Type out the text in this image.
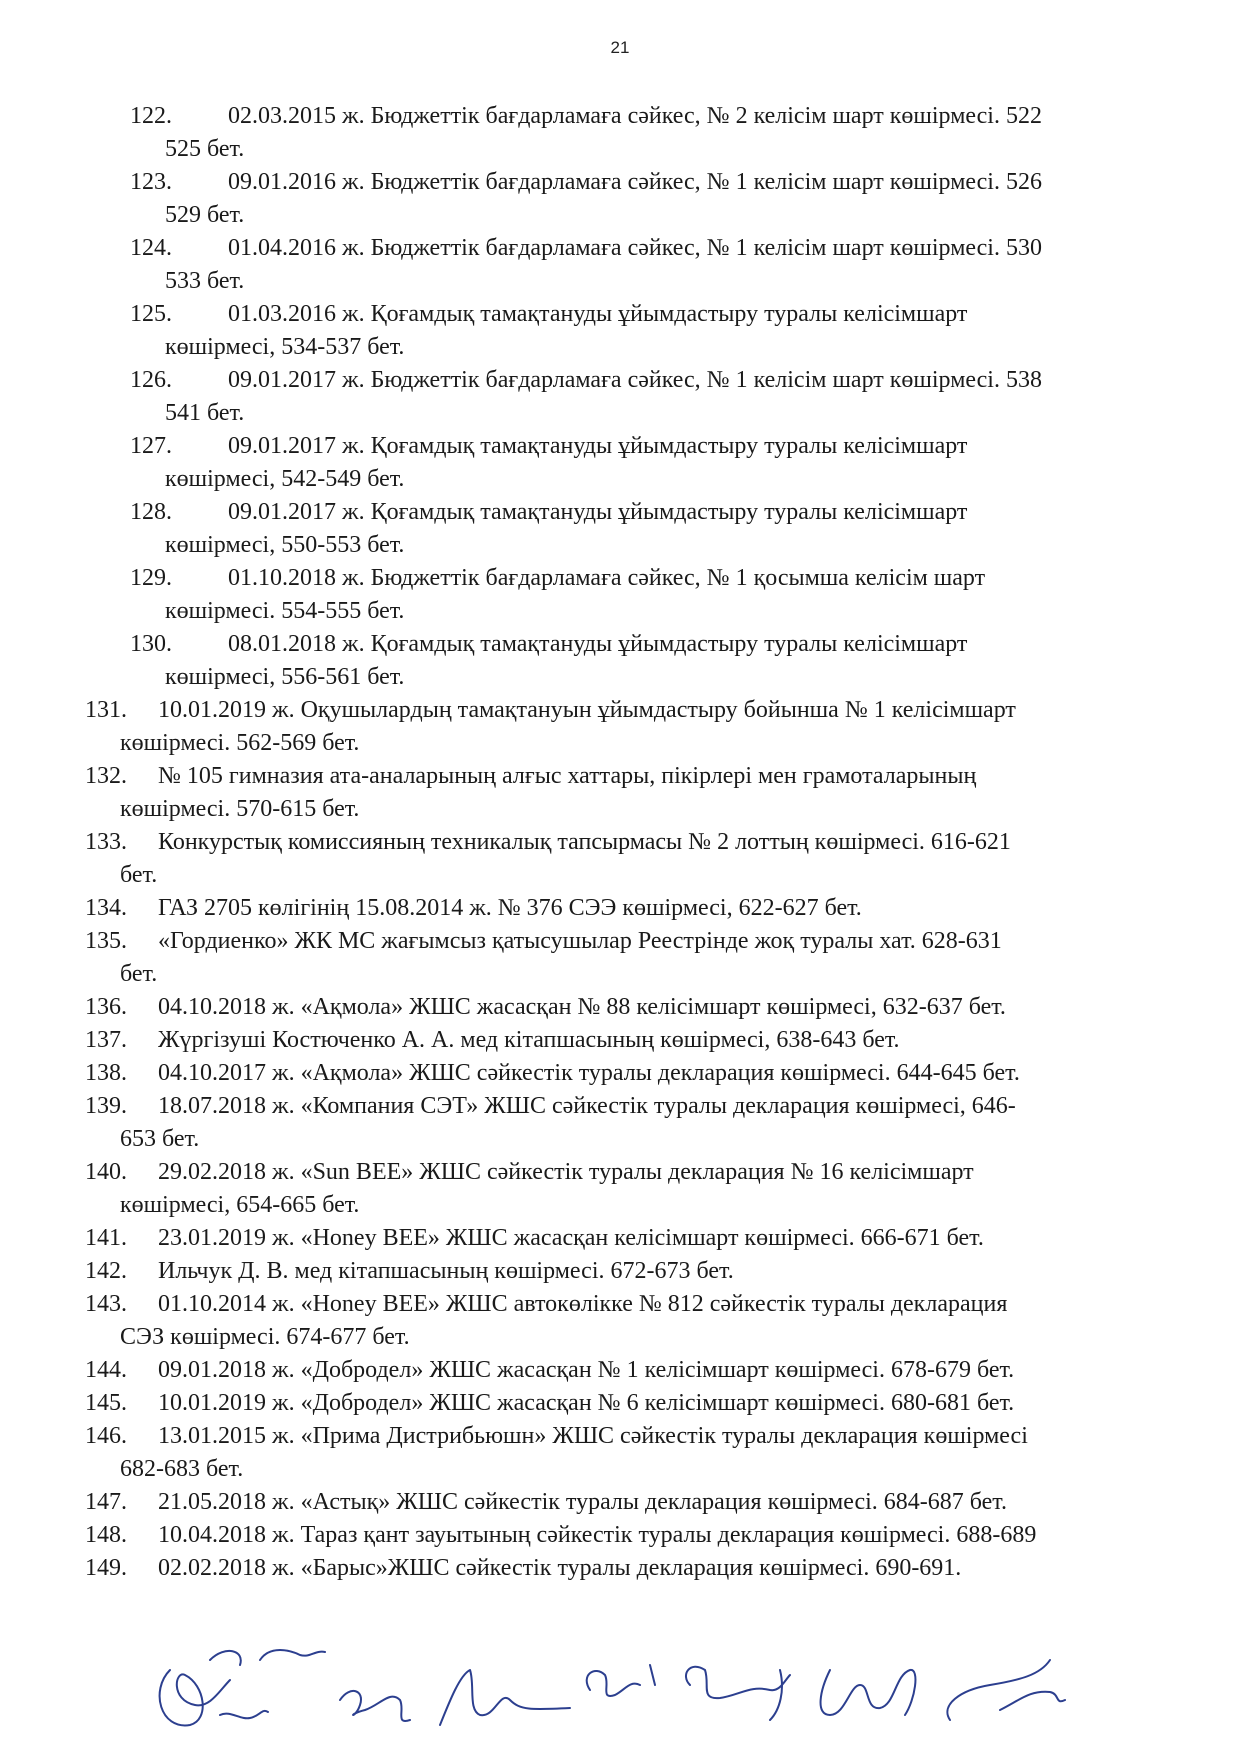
21
122. 02.03.2015 ж. Бюджеттік бағдарламаға сәйкес, № 2 келісім шарт көшірмесі. 522
525 бет.
123. 09.01.2016 ж. Бюджеттік бағдарламаға сәйкес, № 1 келісім шарт көшірмесі. 526
529 бет.
124. 01.04.2016 ж. Бюджеттік бағдарламаға сәйкес, № 1 келісім шарт көшірмесі. 530
533 бет.
125. 01.03.2016 ж. Қоғамдық тамақтануды ұйымдастыру туралы келісімшарт
көшірмесі, 534-537 бет.
126. 09.01.2017 ж. Бюджеттік бағдарламаға сәйкес, № 1 келісім шарт көшірмесі. 538
541 бет.
127. 09.01.2017 ж. Қоғамдық тамақтануды ұйымдастыру туралы келісімшарт
көшірмесі, 542-549 бет.
128. 09.01.2017 ж. Қоғамдық тамақтануды ұйымдастыру туралы келісімшарт
көшірмесі, 550-553 бет.
129. 01.10.2018 ж. Бюджеттік бағдарламаға сәйкес, № 1 қосымша келісім шарт
көшірмесі. 554-555 бет.
130. 08.01.2018 ж. Қоғамдық тамақтануды ұйымдастыру туралы келісімшарт
көшірмесі, 556-561 бет.
131. 10.01.2019 ж. Оқушылардың тамақтануын ұйымдастыру бойынша № 1 келісімшарт
көшірмесі. 562-569 бет.
132. № 105 гимназия ата-аналарының алғыс хаттары, пікірлері мен грамоталарының
көшірмесі. 570-615 бет.
133. Конкурстық комиссияның техникалық тапсырмасы № 2 лоттың көшірмесі. 616-621
бет.
134. ГАЗ 2705 көлігінің 15.08.2014 ж. № 376 СЭЭ көшірмесі, 622-627 бет.
135. «Гордиенко» ЖК МС жағымсыз қатысушылар Реестрінде жоқ туралы хат. 628-631
бет.
136. 04.10.2018 ж. «Ақмола» ЖШС жасасқан № 88 келісімшарт көшірмесі, 632-637 бет.
137. Жүргізуші Костюченко А. А. мед кітапшасының көшірмесі, 638-643 бет.
138. 04.10.2017 ж. «Ақмола» ЖШС сәйкестік туралы декларация көшірмесі. 644-645 бет.
139. 18.07.2018 ж. «Компания СЭТ» ЖШС сәйкестік туралы декларация көшірмесі, 646-
653 бет.
140. 29.02.2018 ж. «Sun BEE» ЖШС сәйкестік туралы декларация № 16 келісімшарт
көшірмесі, 654-665 бет.
141. 23.01.2019 ж. «Honey BEE» ЖШС жасасқан келісімшарт көшірмесі. 666-671 бет.
142. Ильчук Д. В. мед кітапшасының көшірмесі. 672-673 бет.
143. 01.10.2014 ж. «Honey BEE» ЖШС автокөлікке № 812 сәйкестік туралы декларация
СЭЗ көшірмесі. 674-677 бет.
144. 09.01.2018 ж. «Добродел» ЖШС жасасқан № 1 келісімшарт көшірмесі. 678-679 бет.
145. 10.01.2019 ж. «Добродел» ЖШС жасасқан № 6 келісімшарт көшірмесі. 680-681 бет.
146. 13.01.2015 ж. «Прима Дистрибьюшн» ЖШС сәйкестік туралы декларация көшірмесі
682-683 бет.
147. 21.05.2018 ж. «Астық» ЖШС сәйкестік туралы декларация көшірмесі. 684-687 бет.
148. 10.04.2018 ж. Тараз қант зауытының сәйкестік туралы декларация көшірмесі. 688-689
149. 02.02.2018 ж. «Барыс»ЖШС сәйкестік туралы декларация көшірмесі. 690-691.
